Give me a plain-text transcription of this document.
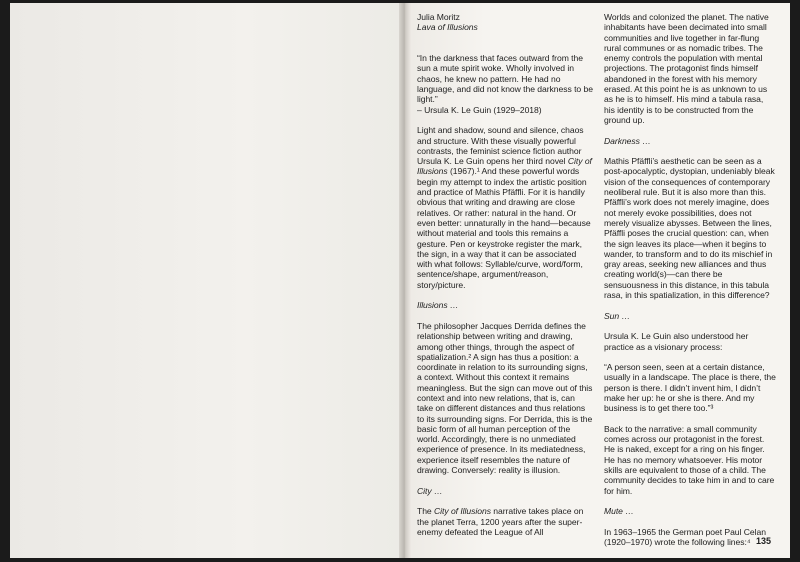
Julia Moritz

Lava of Illusions

“In the darkness that faces outward from the sun a mute spirit woke. Wholly involved in chaos, he knew no pattern. He had no language, and did not know the darkness to be light.”

– Ursula K. Le Guin (1929–2018)

Light and shadow, sound and silence, chaos and structure. With these visually powerful contrasts, the feminist science fiction author Ursula K. Le Guin opens her third novel City of Illusions (1967).¹ And these powerful words begin my attempt to index the artistic position and practice of Mathis Pfäffli. For it is handily obvious that writing and drawing are close relatives. Or rather: natural in the hand. Or even better: unnaturally in the hand—because without material and tools this remains a gesture. Pen or keystroke register the mark, the sign, in a way that it can be associated with what follows: Syllable/curve, word/form, sentence/shape, argument/reason, story/picture.

Illusions …

The philosopher Jacques Derrida defines the relationship between writing and drawing, among other things, through the aspect of spatialization.² A sign has thus a position: a coordinate in relation to its surrounding signs, a context. Without this context it remains meaningless. But the sign can move out of this context and into new relations, that is, can take on different distances and thus relations to its surrounding signs. For Derrida, this is the basic form of all human perception of the world. Accordingly, there is no unmediated experience of presence. In its mediatedness, experience itself resembles the nature of drawing. Conversely: reality is illusion.

City …

The City of Illusions narrative takes place on the planet Terra, 1200 years after the super-enemy defeated the League of All

Worlds and colonized the planet. The native inhabitants have been decimated into small communities and live together in far-flung rural communes or as nomadic tribes. The enemy controls the population with mental projections. The protagonist finds himself abandoned in the forest with his memory erased. At this point he is as unknown to us as he is to himself. His mind a tabula rasa, his identity is to be constructed from the ground up.

Darkness …

Mathis Pfäffli’s aesthetic can be seen as a post-apocalyptic, dystopian, undeniably bleak vision of the consequences of contemporary neoliberal rule. But it is also more than this. Pfäffli’s work does not merely imagine, does not merely evoke possibilities, does not merely visualize abysses. Between the lines, Pfäffli poses the crucial question: can, when the sign leaves its place—when it begins to wander, to transform and to do its mischief in gray areas, seeking new alliances and thus creating world(s)—can there be sensuousness in this distance, in this tabula rasa, in this spatialization, in this difference?

Sun …

Ursula K. Le Guin also understood her practice as a visionary process:

“A person seen, seen at a certain distance, usually in a landscape. The place is there, the person is there. I didn’t invent him, I didn’t make her up: he or she is there. And my business is to get there too.”³

Back to the narrative: a small community comes across our protagonist in the forest. He is naked, except for a ring on his finger. He has no memory whatsoever. His motor skills are equivalent to those of a child. The community decides to take him in and to care for him.

Mute …

In 1963–1965 the German poet Paul Celan (1920–1970) wrote the following lines:⁴ 135
